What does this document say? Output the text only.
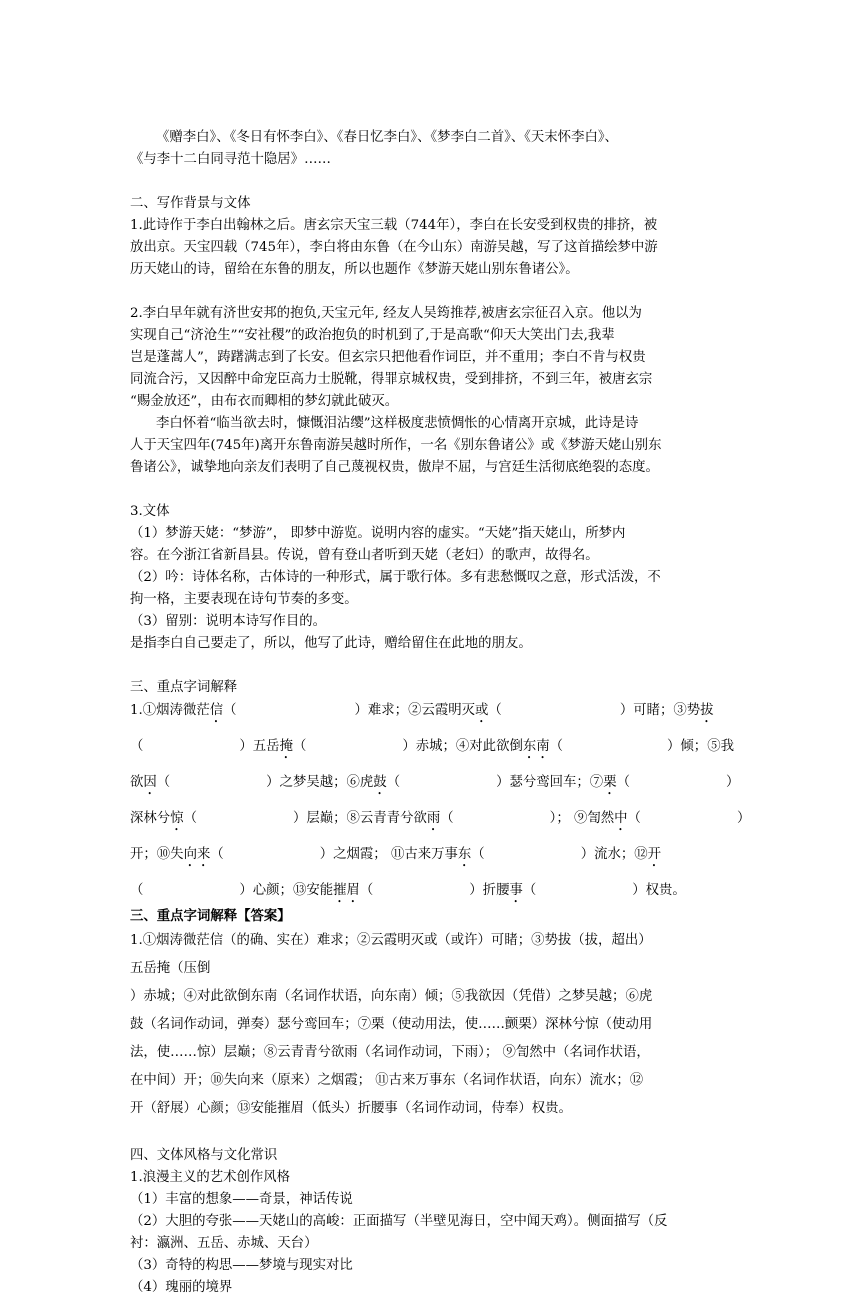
《赠李白》、《冬日有怀李白》、《春日忆李白》、《梦李白二首》、《天末怀李白》、
《与李十二白同寻范十隐居》……
二、写作背景与文体
1.此诗作于李白出翰林之后。唐玄宗天宝三载（744年），李白在长安受到权贵的排挤，被
放出京。天宝四载（745年），李白将由东鲁（在今山东）南游吴越，写了这首描绘梦中游
历天姥山的诗，留给在东鲁的朋友，所以也题作《梦游天姥山别东鲁诸公》。
2.李白早年就有济世安邦的抱负,天宝元年, 经友人吴筠推荐,被唐玄宗征召入京。他以为
实现自己“济沧生”“安社稷”的政治抱负的时机到了,于是高歌“仰天大笑出门去,我辈
岂是蓬蒿人”，踌躇满志到了长安。但玄宗只把他看作词臣，并不重用；李白不肯与权贵
同流合污，又因醉中命宠臣高力士脱靴，得罪京城权贵，受到排挤，不到三年，被唐玄宗
“赐金放还”，由布衣而卿相的梦幻就此破灭。
李白怀着“临当欲去时，慷慨泪沾缨”这样极度悲愤惆怅的心情离开京城，此诗是诗
人于天宝四年(745年)离开东鲁南游吴越时所作，一名《别东鲁诸公》或《梦游天姥山别东
鲁诸公》，诚挚地向亲友们表明了自己蔑视权贵，傲岸不屈，与宫廷生活彻底绝裂的态度。
3.文体
（1）梦游天姥：“梦游”， 即梦中游览。说明内容的虚实。“天姥”指天姥山，所梦内
容。在今浙江省新昌县。传说，曾有登山者听到天姥（老妇）的歌声，故得名。
（2）吟：诗体名称，古体诗的一种形式，属于歌行体。多有悲愁慨叹之意，形式活泼，不
拘一格，主要表现在诗句节奏的多变。
（3）留别：说明本诗写作目的。
是指李白自己要走了，所以，他写了此诗，赠给留住在此地的朋友。
三、重点字词解释
1.①烟涛微茫信（	）难求；②云霞明灭或（	）可睹；③势拔
（	）五岳掩（	）赤城；④对此欲倒东南（	）倾；⑤我
欲因（	）之梦吴越；⑥虎鼓（	）瑟兮鸾回车；⑦栗（	）
深林兮惊（	）层巅；⑧云青青兮欲雨（	）； ⑨訇然中（	）
开；⑩失向来（	）之烟霞； ⑪古来万事东（	）流水；⑫开
（	）心颜；⑬安能摧眉（	）折腰事（	）权贵。
三、重点字词解释【答案】
1.①烟涛微茫信（的确、实在）难求；②云霞明灭或（或许）可睹；③势拔（拔，超出）
五岳掩（压倒
）赤城；④对此欲倒东南（名词作状语，向东南）倾；⑤我欲因（凭借）之梦吴越；⑥虎
鼓（名词作动词，弹奏）瑟兮鸾回车；⑦栗（使动用法，使……颤栗）深林兮惊（使动用
法，使……惊）层巅；⑧云青青兮欲雨（名词作动词，下雨）； ⑨訇然中（名词作状语，
在中间）开；⑩失向来（原来）之烟霞； ⑪古来万事东（名词作状语，向东）流水；⑫
开（舒展）心颜；⑬安能摧眉（低头）折腰事（名词作动词，侍奉）权贵。
四、文体风格与文化常识
1.浪漫主义的艺术创作风格
（1）丰富的想象——奇景，神话传说
（2）大胆的夸张——天姥山的高峻：正面描写（半壁见海日，空中闻天鸡）。侧面描写（反
衬：瀛洲、五岳、赤城、天台）
（3）奇特的构思——梦境与现实对比
（4）瑰丽的境界
